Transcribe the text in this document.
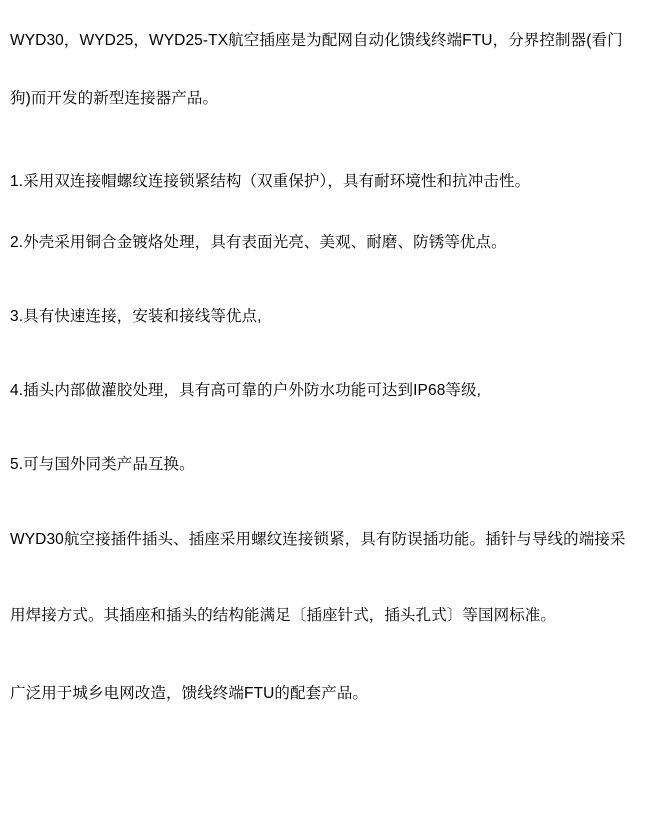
WYD30，WYD25，WYD25-TX航空插座是为配网自动化馈线终端FTU，分界控制器(看门狗)而开发的新型连接器产品。

1.采用双连接帽螺纹连接锁紧结构（双重保护），具有耐环境性和抗冲击性。

2.外壳采用铜合金镀烙处理，具有表面光亮、美观、耐磨、防锈等优点。

3.具有快速连接，安装和接线等优点,

4.插头内部做灌胶处理，具有高可靠的户外防水功能可达到IP68等级,

5.可与国外同类产品互换。

WYD30航空接插件插头、插座采用螺纹连接锁紧，具有防误插功能。插针与导线的端接采用焊接方式。其插座和插头的结构能满足〔插座针式，插头孔式〕等国网标准。

广泛用于城乡电网改造，馈线终端FTU的配套产品。
